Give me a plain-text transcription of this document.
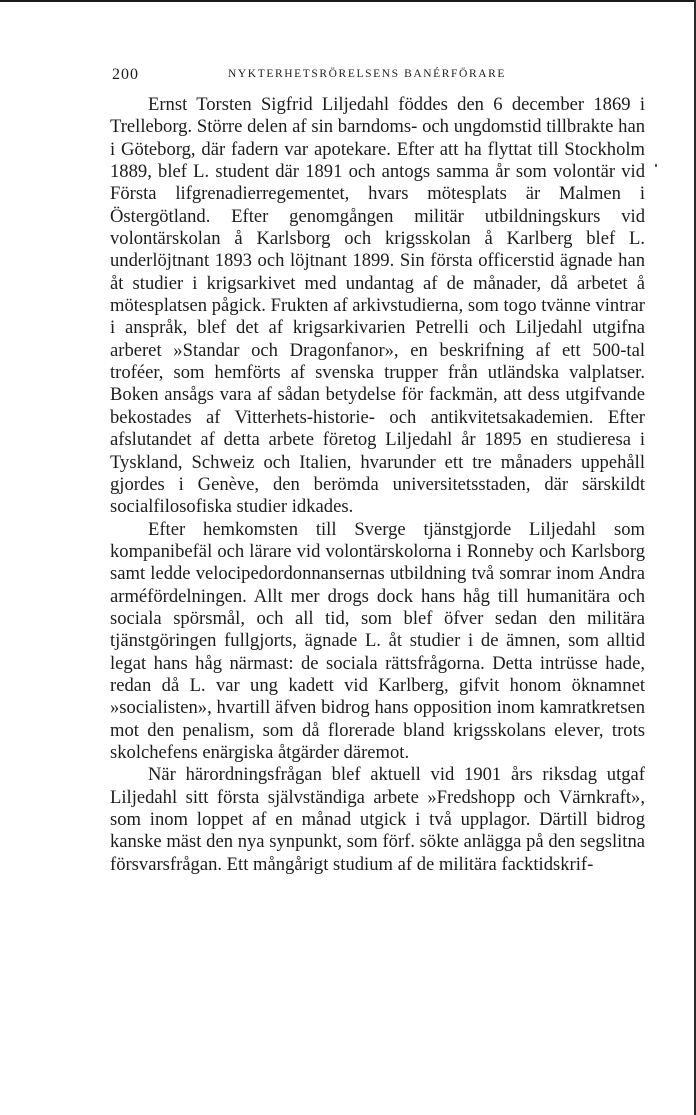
200	NYKTERHETSRÖRELSENS BANÉRFÖRARE

Ernst Torsten Sigfrid Liljedahl föddes den 6 december 1869 i Trelleborg. Större delen af sin barndoms- och ungdomstid tillbrakte han i Göteborg, där fadern var apotekare. Efter att ha flyttat till Stockholm 1889, blef L. student där 1891 och antogs samma år som volontär vid Första lifgrenadierregementet, hvars mötesplats är Malmen i Östergötland. Efter genomgången militär utbildningskurs vid volontärskolan å Karlsborg och krigsskolan å Karlberg blef L. underlöjtnant 1893 och löjtnant 1899. Sin första officerstid ägnade han åt studier i krigsarkivet med undantag af de månader, då arbetet å mötesplatsen pågick. Frukten af arkivstudierna, som togo tvänne vintrar i anspråk, blef det af krigsarkivarien Petrelli och Liljedahl utgifna arberet »Standar och Dragonfanor», en beskrifning af ett 500-tal troféer, som hemförts af svenska trupper från utländska valplatser. Boken ansågs vara af sådan betydelse för fackmän, att dess utgifvande bekostades af Vitterhets-historie- och antikvitetsakademien. Efter afslutandet af detta arbete företog Liljedahl år 1895 en studieresa i Tyskland, Schweiz och Italien, hvarunder ett tre månaders uppehåll gjordes i Genève, den berömda universitetsstaden, där särskildt socialfilosofiska studier idkades.

Efter hemkomsten till Sverge tjänstgjorde Liljedahl som kompanibefäl och lärare vid volontärskolorna i Ronneby och Karlsborg samt ledde velocipedordonnansernas utbildning två somrar inom Andra arméfördelningen. Allt mer drogs dock hans håg till humanitära och sociala spörsmål, och all tid, som blef öfver sedan den militära tjänstgöringen fullgjorts, ägnade L. åt studier i de ämnen, som alltid legat hans håg närmast: de sociala rättsfrågorna. Detta intrüsse hade, redan då L. var ung kadett vid Karlberg, gifvit honom öknamnet »socialisten», hvartill äfven bidrog hans opposition inom kamratkretsen mot den penalism, som då florerade bland krigsskolans elever, trots skolchefens enärgiska åtgärder däremot.

När härordningsfrågan blef aktuell vid 1901 års riksdag utgaf Liljedahl sitt första självständiga arbete »Fredshopp och Värnkraft», som inom loppet af en månad utgick i två upplagor. Därtill bidrog kanske mäst den nya synpunkt, som förf. sökte anlägga på den segslitna försvarsfrågan. Ett mångårigt studium af de militära facktidskrif-
